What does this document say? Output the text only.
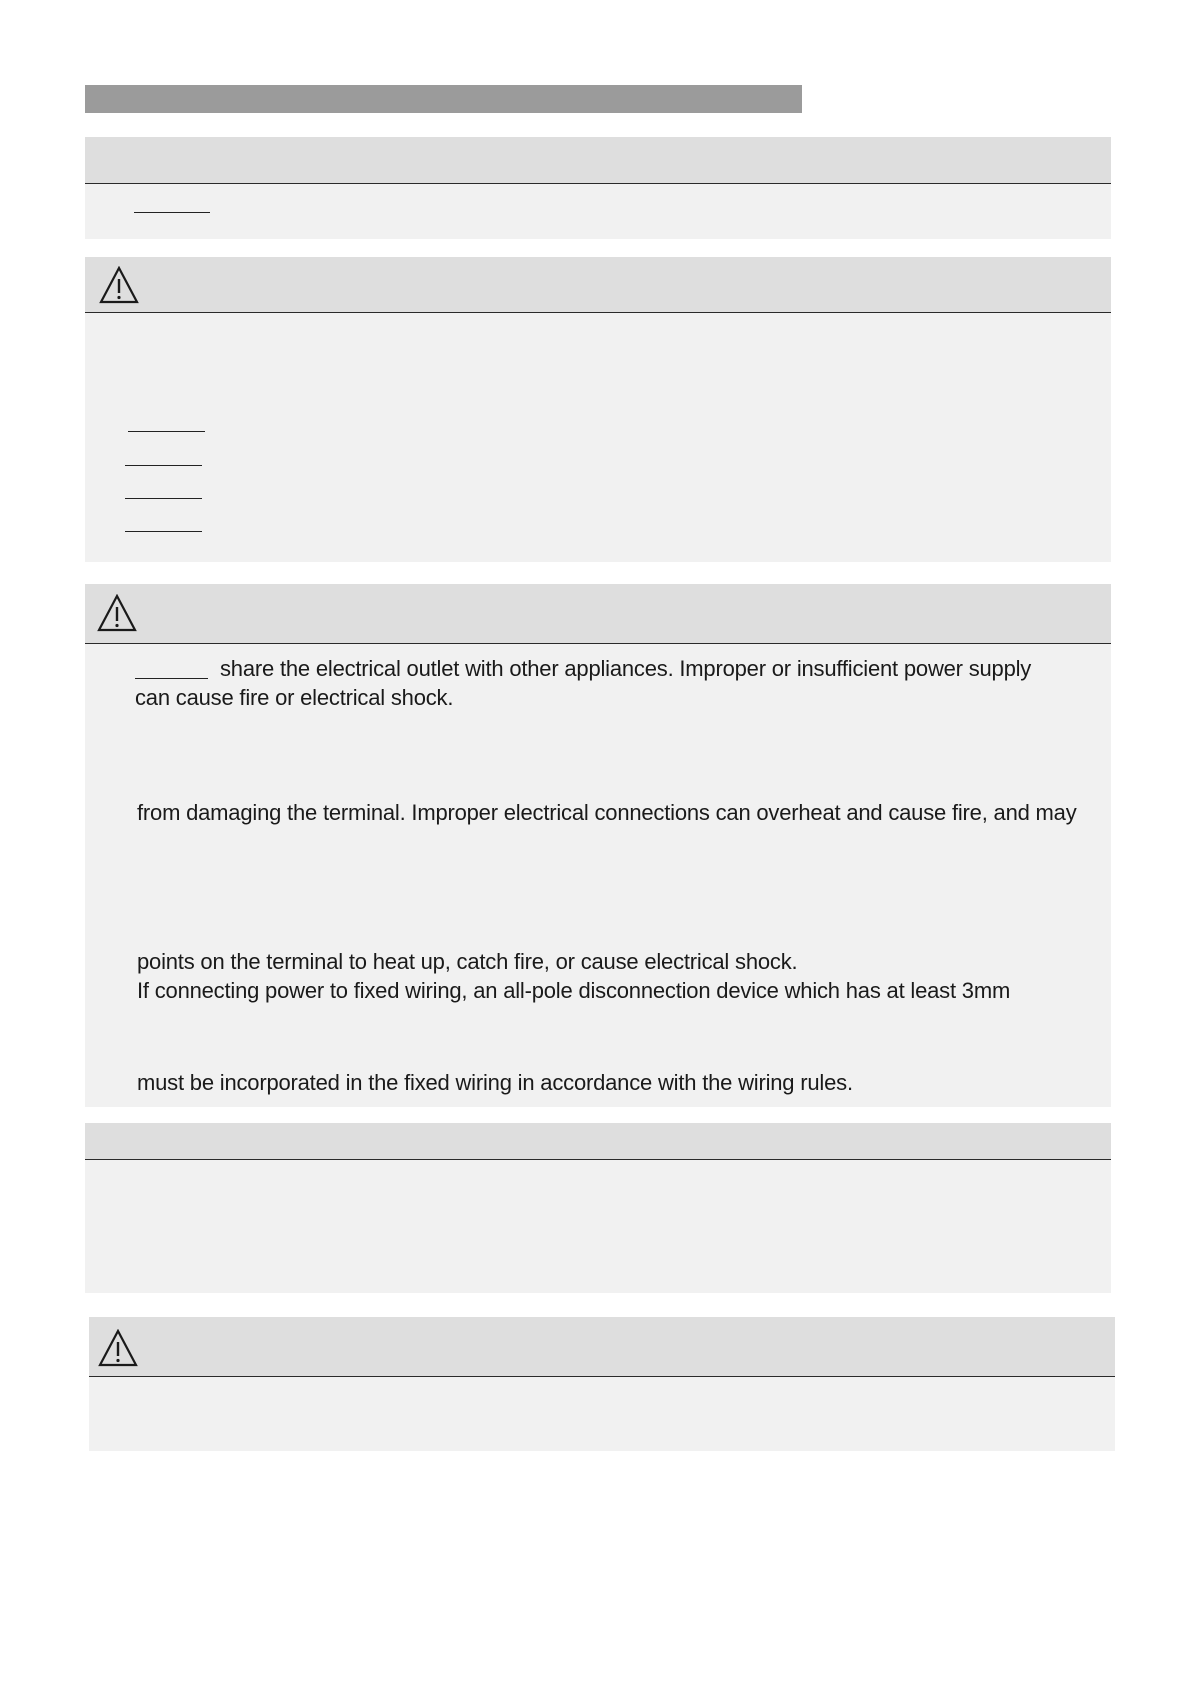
share the electrical outlet with other appliances. Improper or insufficient power supply
can cause fire or electrical shock.
from damaging the terminal. Improper electrical connections can overheat and cause fire, and may
points on the terminal to heat up, catch fire, or cause electrical shock.
If connecting power to fixed wiring, an all-pole disconnection device which has at least 3mm
must be incorporated in the fixed wiring in accordance with the wiring rules.
